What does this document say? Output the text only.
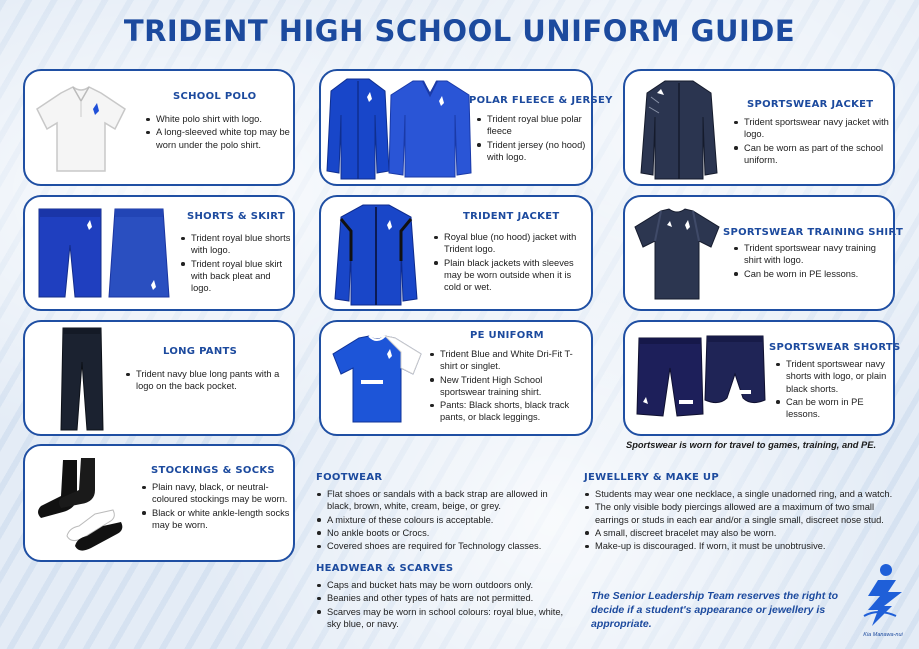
TRIDENT HIGH SCHOOL UNIFORM GUIDE
SCHOOL POLO
White polo shirt with logo.
A long-sleeved white top may be worn under the polo shirt.
SHORTS & SKIRT
Trident royal blue shorts with logo.
Trident royal blue skirt with back pleat and logo.
LONG PANTS
Trident navy blue long pants with a logo on the back pocket.
STOCKINGS & SOCKS
Plain navy, black, or neutral-coloured stockings may be worn.
Black or white ankle-length socks may be worn.
POLAR FLEECE & JERSEY
Trident royal blue polar fleece
Trident jersey (no hood) with logo.
TRIDENT JACKET
Royal blue (no hood) jacket with Trident logo.
Plain black jackets with sleeves may be worn outside when it is cold or wet.
PE UNIFORM
Trident Blue and White Dri-Fit T-shirt or singlet.
New Trident High School sportswear training shirt.
Pants: Black shorts, black track pants, or black leggings.
SPORTSWEAR JACKET
Trident sportswear navy jacket with logo.
Can be worn as part of the school uniform.
SPORTSWEAR TRAINING SHIRT
Trident sportswear navy training shirt with logo.
Can be worn in PE lessons.
SPORTSWEAR SHORTS
Trident sportswear navy shorts with logo, or plain black shorts.
Can be worn in PE lessons.
Sportswear is worn for travel to games, training, and PE.
FOOTWEAR
Flat shoes or sandals with a back strap are allowed in black, brown, white, cream, beige, or grey.
A mixture of these colours is acceptable.
No ankle boots or Crocs.
Covered shoes are required for Technology classes.
HEADWEAR & SCARVES
Caps and bucket hats may be worn outdoors only.
Beanies and other types of hats are not permitted.
Scarves may be worn in school colours: royal blue, white, sky blue, or navy.
JEWELLERY & MAKE UP
Students may wear one necklace, a single unadorned ring, and a watch.
The only visible body piercings allowed are a maximum of two small earrings or studs in each ear and/or a single small, discreet nose stud.
A small, discreet bracelet may also be worn.
Make-up is discouraged. If worn, it must be unobtrusive.
The Senior Leadership Team reserves the right to decide if a student's appearance or jewellery is appropriate.
Kia Manawa-nui
